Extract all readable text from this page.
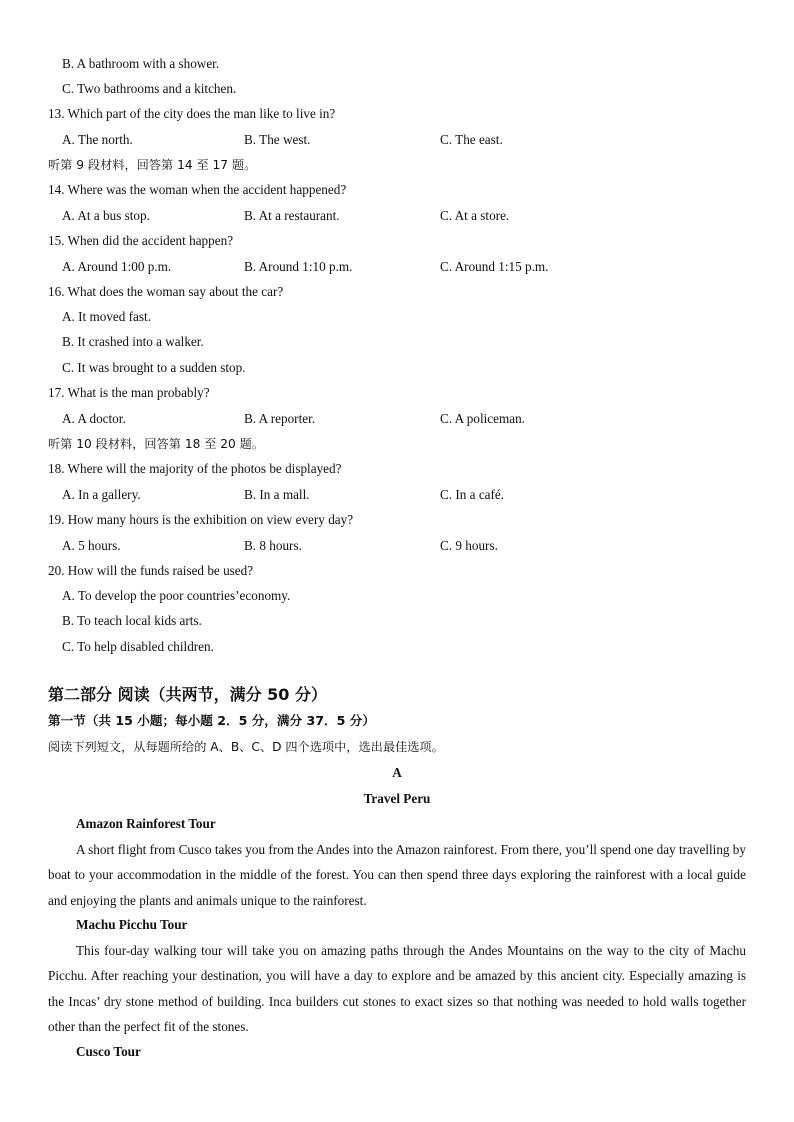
B. A bathroom with a shower.
C. Two bathrooms and a kitchen.
13. Which part of the city does the man like to live in?
A. The north.	B. The west.	C. The east.
听第 9 段材料，回答第 14 至 17 题。
14. Where was the woman when the accident happened?
A. At a bus stop.	B. At a restaurant.	C. At a store.
15. When did the accident happen?
A. Around 1:00 p.m.	B. Around 1:10 p.m.	C. Around 1:15 p.m.
16. What does the woman say about the car?
A. It moved fast.
B. It crashed into a walker.
C. It was brought to a sudden stop.
17. What is the man probably?
A. A doctor.	B. A reporter.	C. A policeman.
听第 10 段材料，回答第 18 至 20 题。
18. Where will the majority of the photos be displayed?
A. In a gallery.	B. In a mall.	C. In a café.
19. How many hours is the exhibition on view every day?
A. 5 hours.	B. 8 hours.	C. 9 hours.
20. How will the funds raised be used?
A. To develop the poor countries’economy.
B. To teach local kids arts.
C. To help disabled children.
第二部分 阅读（共两节，满分 50 分）
第一节（共 15 小题；每小题 2．5 分，满分 37．5 分）
阅读下列短文，从每题所给的 A、B、C、D 四个选项中，选出最佳选项。
A
Travel Peru
Amazon Rainforest Tour

A short flight from Cusco takes you from the Andes into the Amazon rainforest. From there, you’ll spend one day travelling by boat to your accommodation in the middle of the forest. You can then spend three days exploring the rainforest with a local guide and enjoying the plants and animals unique to the rainforest.

Machu Picchu Tour

This four-day walking tour will take you on amazing paths through the Andes Mountains on the way to the city of Machu Picchu. After reaching your destination, you will have a day to explore and be amazed by this ancient city. Especially amazing is the Incas’ dry stone method of building. Inca builders cut stones to exact sizes so that nothing was needed to hold walls together other than the perfect fit of the stones.

Cusco Tour
